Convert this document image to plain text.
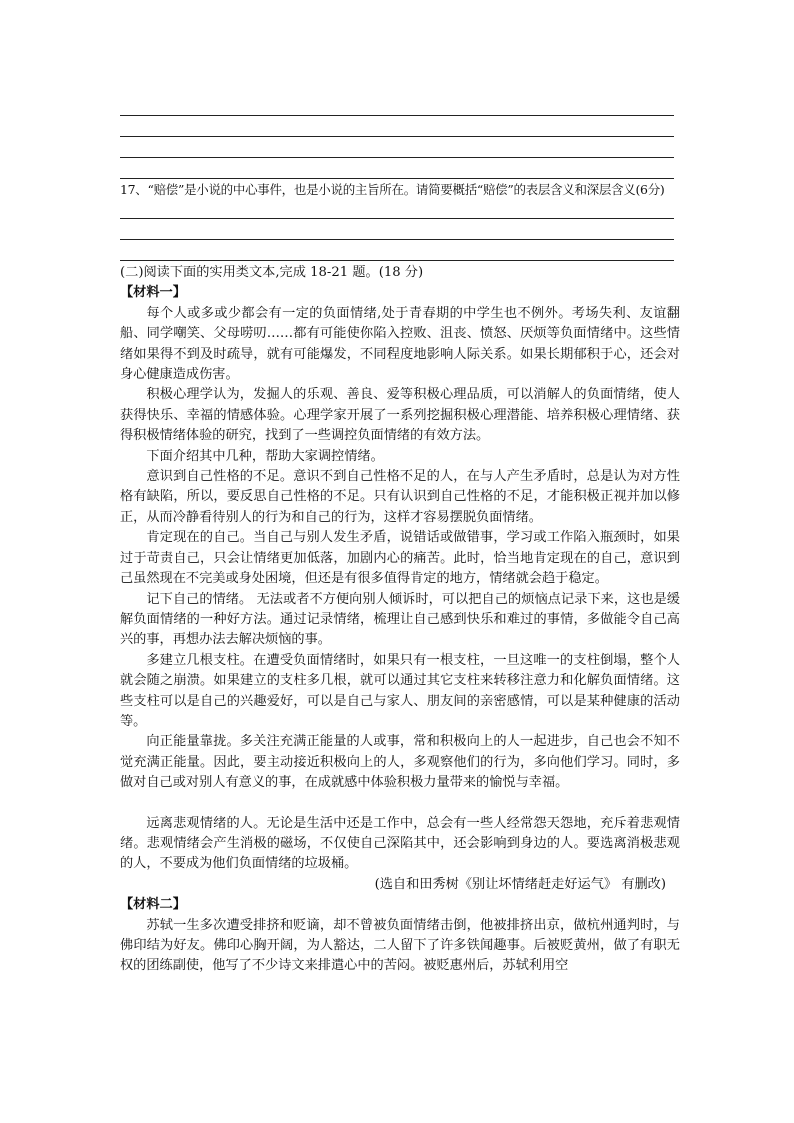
17、“赔偿”是小说的中心事件，也是小说的主旨所在。请简要概括“赔偿”的表层含义和深层含义(6分)

(二)阅读下面的实用类文本,完成 18-21 题。(18 分)

【材料一】

每个人或多或少都会有一定的负面情绪,处于青春期的中学生也不例外。考场失利、友谊翻船、同学嘲笑、父母唠叨……都有可能使你陷入控败、沮丧、愤怒、厌烦等负面情绪中。这些情绪如果得不到及时疏导，就有可能爆发，不同程度地影响人际关系。如果长期郁积于心，还会对身心健康造成伤害。

积极心理学认为，发掘人的乐观、善良、爱等积极心理品质，可以消解人的负面情绪，使人获得快乐、幸福的情感体验。心理学家开展了一系列挖掘积极心理潜能、培养积极心理情绪、获得积极情绪体验的研究，找到了一些调控负面情绪的有效方法。

下面介绍其中几种，帮助大家调控情绪。

意识到自己性格的不足。意识不到自己性格不足的人，在与人产生矛盾时，总是认为对方性格有缺陷，所以，要反思自己性格的不足。只有认识到自己性格的不足，才能积极正视并加以修正，从而冷静看待别人的行为和自己的行为，这样才容易摆脱负面情绪。

肯定现在的自己。当自己与别人发生矛盾，说错话或做错事，学习或工作陷入瓶颈时，如果过于苛责自己，只会让情绪更加低落，加剧内心的痛苦。此时，恰当地肯定现在的自己，意识到己虽然现在不完美或身处困境，但还是有很多值得肯定的地方，情绪就会趋于稳定。

记下自己的情绪。 无法或者不方便向别人倾诉时，可以把自己的烦恼点记录下来，这也是缓解负面情绪的一种好方法。通过记录情绪，梳理让自己感到快乐和难过的事情，多做能令自己高兴的事，再想办法去解决烦恼的事。

多建立几根支柱。在遭受负面情绪时，如果只有一根支柱，一旦这唯一的支柱倒塌，整个人就会随之崩溃。如果建立的支柱多几根，就可以通过其它支柱来转移注意力和化解负面情绪。这些支柱可以是自己的兴趣爱好，可以是自己与家人、朋友间的亲密感情，可以是某种健康的活动等。

向正能量靠拢。多关注充满正能量的人或事，常和积极向上的人一起进步，自己也会不知不觉充满正能量。因此，要主动接近积极向上的人，多观察他们的行为，多向他们学习。同时，多做对自己或对别人有意义的事，在成就感中体验积极力量带来的愉悦与幸福。

远离悲观情绪的人。无论是生活中还是工作中，总会有一些人经常怨天怨地，充斥着悲观情绪。悲观情绪会产生消极的磁场，不仅使自己深陷其中，还会影响到身边的人。要选离消极悲观的人，不要成为他们负面情绪的垃圾桶。

(选自和田秀树《别让坏情绪赶走好运气》 有删改)

【材料二】

苏轼一生多次遭受排挤和贬谪，却不曾被负面情绪击倒，他被排挤出京，做杭州通判时，与佛印结为好友。佛印心胸开阔，为人豁达，二人留下了许多铁闻趣事。后被贬黄州，做了有职无权的团练副使，他写了不少诗文来排遣心中的苦闷。被贬惠州后，苏轼利用空
